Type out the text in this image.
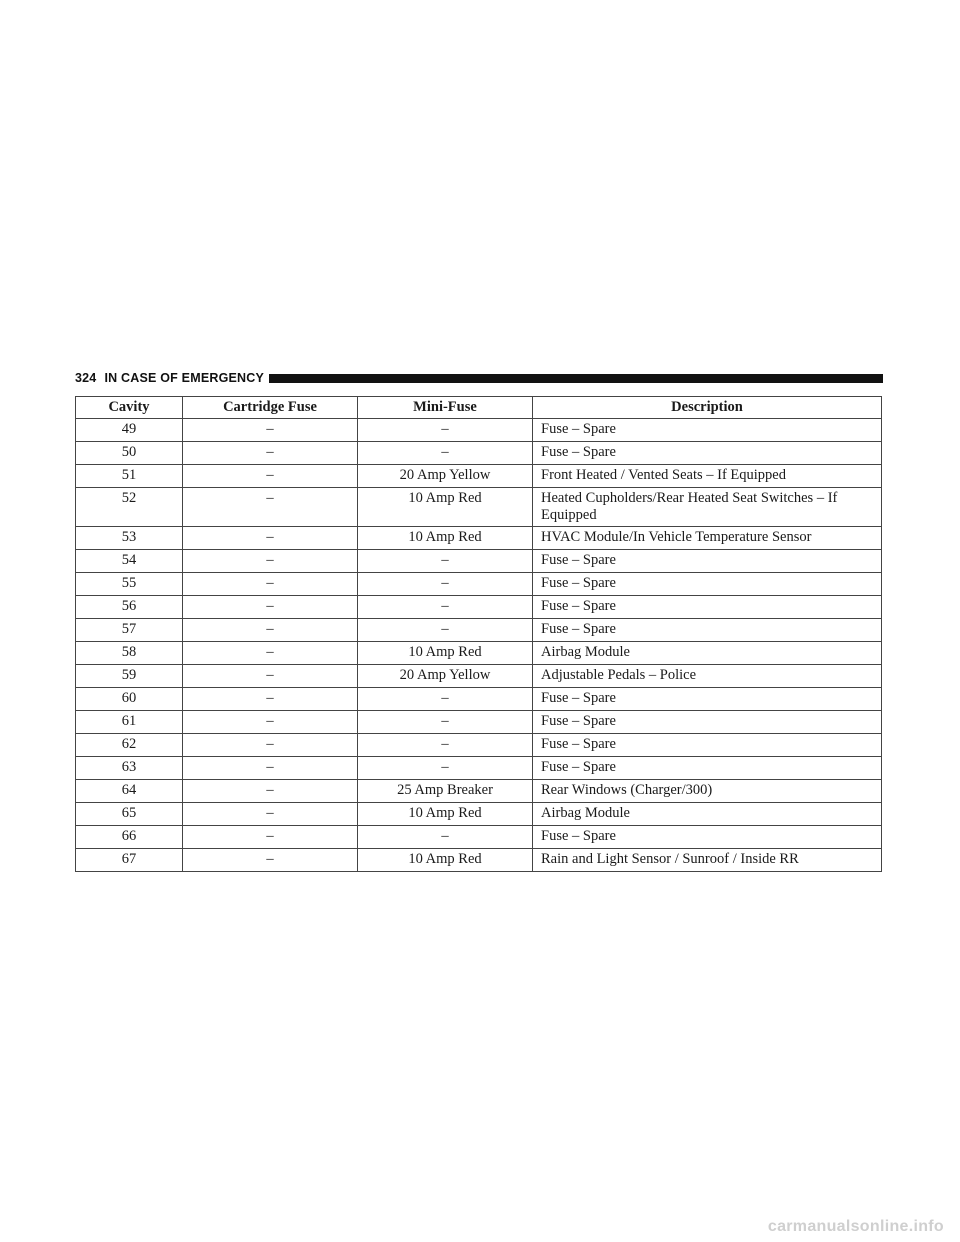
324 IN CASE OF EMERGENCY
Cavity	Cartridge Fuse	Mini-Fuse	Description
49	–	–	Fuse – Spare
50	–	–	Fuse – Spare
51	–	20 Amp Yellow	Front Heated / Vented Seats – If Equipped
52	–	10 Amp Red	Heated Cupholders/Rear Heated Seat Switches – If Equipped
53	–	10 Amp Red	HVAC Module/In Vehicle Temperature Sensor
54	–	–	Fuse – Spare
55	–	–	Fuse – Spare
56	–	–	Fuse – Spare
57	–	–	Fuse – Spare
58	–	10 Amp Red	Airbag Module
59	–	20 Amp Yellow	Adjustable Pedals – Police
60	–	–	Fuse – Spare
61	–	–	Fuse – Spare
62	–	–	Fuse – Spare
63	–	–	Fuse – Spare
64	–	25 Amp Breaker	Rear Windows (Charger/300)
65	–	10 Amp Red	Airbag Module
66	–	–	Fuse – Spare
67	–	10 Amp Red	Rain and Light Sensor / Sunroof / Inside RR
carmanualsonline.info
